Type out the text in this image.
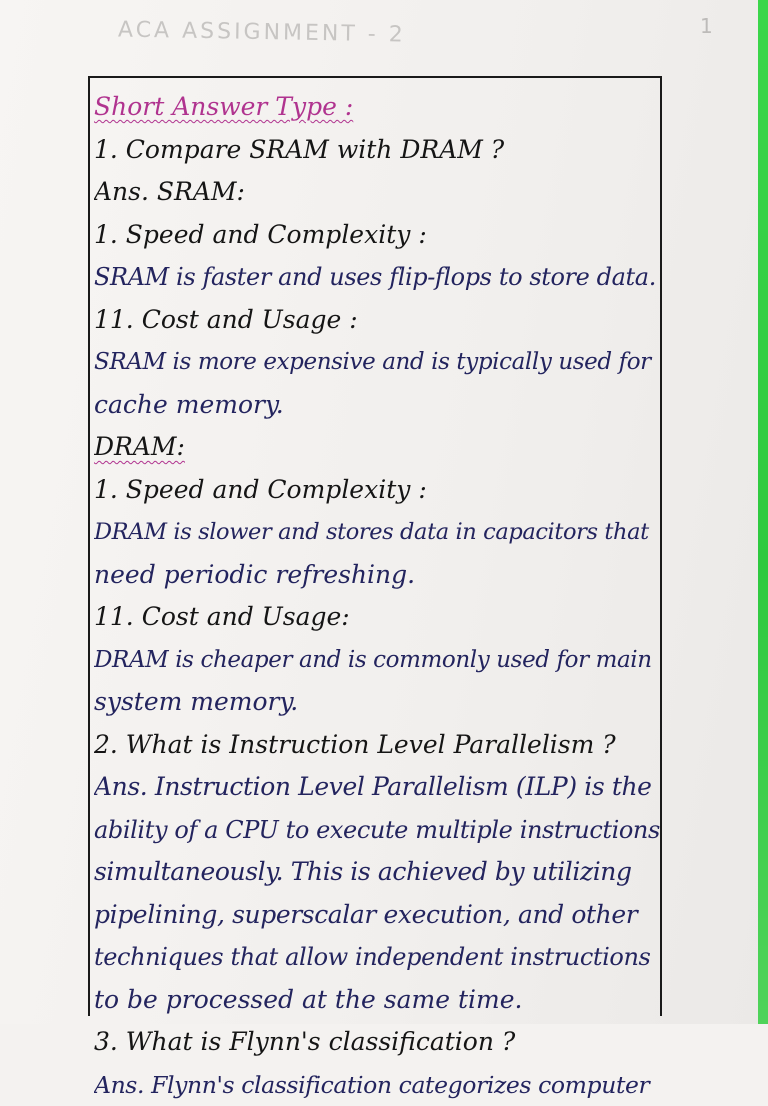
ACA ASSIGNMENT - 2	1
Short Answer Type :
1. Compare SRAM with DRAM ?
Ans. SRAM:
1. Speed and Complexity :
SRAM is faster and uses flip-flops to store data.
11. Cost and Usage :
SRAM is more expensive and is typically used for
cache memory.
DRAM:
1. Speed and Complexity :
DRAM is slower and stores data in capacitors that
need periodic refreshing.
11. Cost and Usage:
DRAM is cheaper and is commonly used for main
system memory.
2. What is Instruction Level Parallelism ?
Ans. Instruction Level Parallelism (ILP) is the
ability of a CPU to execute multiple instructions
simultaneously. This is achieved by utilizing
pipelining, superscalar execution, and other
techniques that allow independent instructions
to be processed at the same time.
3. What is Flynn's classification ?
Ans. Flynn's classification categorizes computer
